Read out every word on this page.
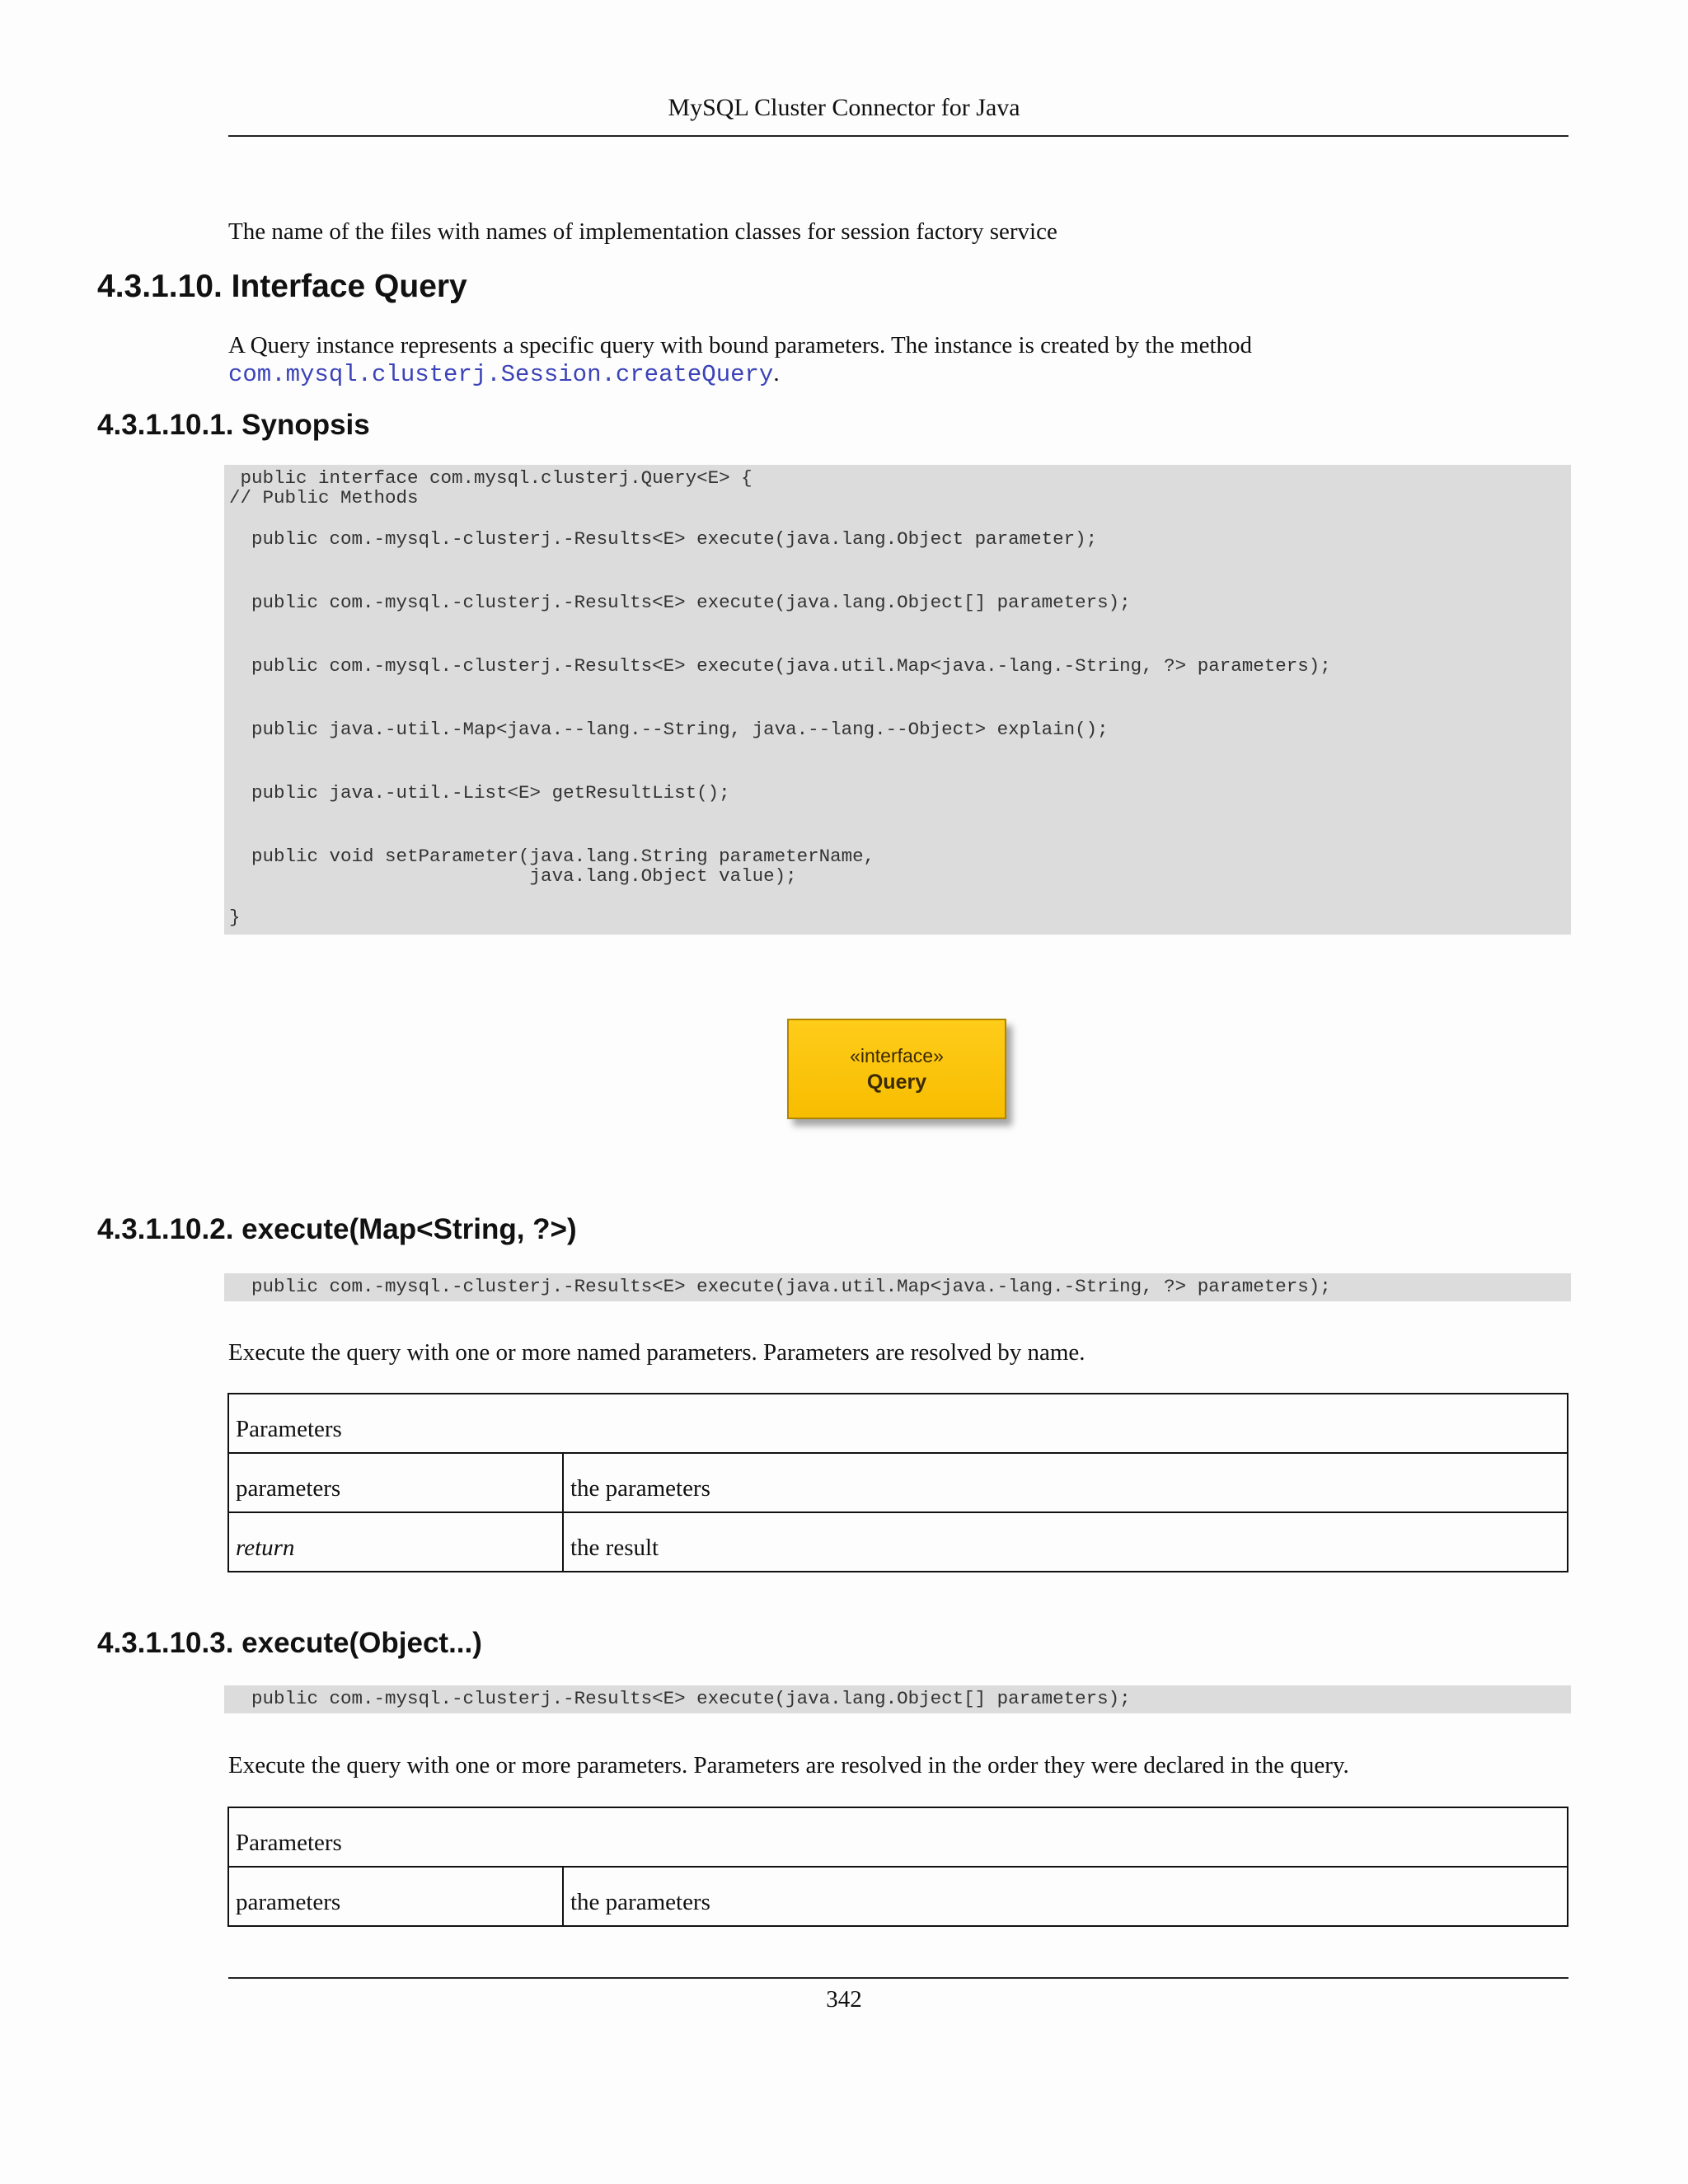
MySQL Cluster Connector for Java
The name of the files with names of implementation classes for session factory service
4.3.1.10. Interface Query
A Query instance represents a specific query with bound parameters. The instance is created by the method
com.mysql.clusterj.Session.createQuery.
4.3.1.10.1. Synopsis
public interface com.mysql.clusterj.Query<E> {
// Public Methods
public com.-mysql.-clusterj.-Results<E> execute(java.lang.Object parameter);
public com.-mysql.-clusterj.-Results<E> execute(java.lang.Object[] parameters);
public com.-mysql.-clusterj.-Results<E> execute(java.util.Map<java.-lang.-String, ?> parameters);
public java.-util.-Map<java.--lang.--String, java.--lang.--Object> explain();
public java.-util.-List<E> getResultList();
public void setParameter(java.lang.String parameterName,
java.lang.Object value);
}
«interface»
Query
4.3.1.10.2. execute(Map<String, ?>)
public com.-mysql.-clusterj.-Results<E> execute(java.util.Map<java.-lang.-String, ?> parameters);
Execute the query with one or more named parameters. Parameters are resolved by name.
Parameters	
parameters	the parameters
return	the result
4.3.1.10.3. execute(Object...)
public com.-mysql.-clusterj.-Results<E> execute(java.lang.Object[] parameters);
Execute the query with one or more parameters. Parameters are resolved in the order they were declared in the query.
Parameters
parameters	the parameters
342
